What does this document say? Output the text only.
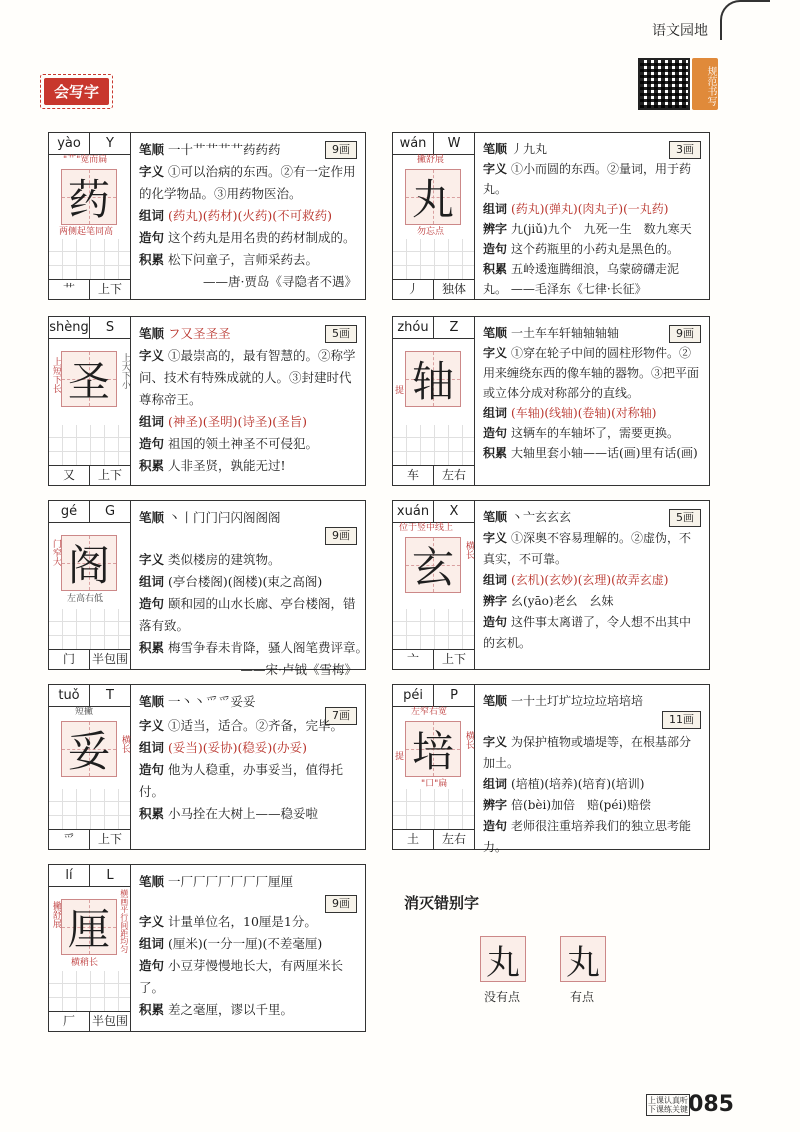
语文园地
规范书写
会写字
yào	Y
"艹"宽而扁
药
两侧起笔同高
艹	上下
9画
笔顺 一十艹艹艹艹药药药
字义 ①可以治病的东西。②有一定作用的化学物品。③用药物医治。
组词 (药丸)(药材)(火药)(不可救药)
造句 这个药丸是用名贵的药材制成的。
积累 松下问童子，言师采药去。
——唐·贾岛《寻隐者不遇》
wán	W
撇舒展
丸
勿忘点
丿	独体
3画
笔顺 丿九丸
字义 ①小而圆的东西。②量词，用于药丸。
组词 (药丸)(弹丸)(肉丸子)(一丸药)
辨字 九(jiǔ)九个　九死一生　数九寒天
造句 这个药瓶里的小药丸是黑色的。
积累 五岭逶迤腾细浪，乌蒙磅礴走泥丸。 ——毛泽东《七律·长征》
shèng	S
上短下长 圣 上大下小
又	上下
5画
笔顺 フ又圣圣圣
字义 ①最崇高的，最有智慧的。②称学问、技术有特殊成就的人。③封建时代尊称帝王。
组词 (神圣)(圣明)(诗圣)(圣旨)
造句 祖国的领土神圣不可侵犯。
积累 人非圣贤，孰能无过!
zhóu	Z
提 轴
车	左右
9画
笔顺 一土车车轩轴轴轴轴
字义 ①穿在轮子中间的圆柱形物件。②用来缠绕东西的像车轴的器物。③把平面或立体分成对称部分的直线。
组词 (车轴)(线轴)(卷轴)(对称轴)
造句 这辆车的车轴坏了，需要更换。
积累 大轴里套小轴——话(画)里有话(画)
gé	G
门窄大 阁
左高右低
门	半包围
9画
笔顺 丶丨门门闩闪阁阁阁
字义 类似楼房的建筑物。
组词 (亭台楼阁)(阁楼)(束之高阁)
造句 颐和园的山水长廊、亭台楼阁，错落有致。
积累 梅雪争春未肯降，骚人阁笔费评章。
——宋·卢钺《雪梅》
xuán	X
位于竖中线上
玄 横长
亠	上下
5画
笔顺 丶亠玄玄玄
字义 ①深奥不容易理解的。②虚伪，不真实，不可靠。
组词 (玄机)(玄妙)(玄理)(故弄玄虚)
辨字 幺(yāo)老幺　幺妹
造句 这件事太离谱了，令人想不出其中的玄机。
tuǒ	T
短撇
妥 横长
爫	上下
7画
笔顺 一丶丶爫爫妥妥
字义 ①适当，适合。②齐备，完毕。
组词 (妥当)(妥协)(稳妥)(办妥)
造句 他为人稳重，办事妥当，值得托付。
积累 小马拴在大树上——稳妥啦
péi	P
左窄右宽
提 培 横长
"口"扁
土	左右
11画
笔顺 一十土圢圹垃垃垃培培培
字义 为保护植物或墙堤等，在根基部分加土。
组词 (培植)(培养)(培育)(培训)
辨字 倍(bèi)加倍　赔(péi)赔偿
造句 老师很注重培养我们的独立思考能力。
lí	L
撇舒展 厘 横画平行间距均匀
横稍长
厂	半包围
9画
笔顺 一厂厂厂厂厂厂厂厘厘
字义 计量单位名，10厘是1分。
组词 (厘米)(一分一厘)(不差毫厘)
造句 小豆芽慢慢地长大，有两厘米长了。
积累 差之毫厘，谬以千里。
消灭错别字
丸
没有点
丸
有点
上课认真听 下课练关键 085
